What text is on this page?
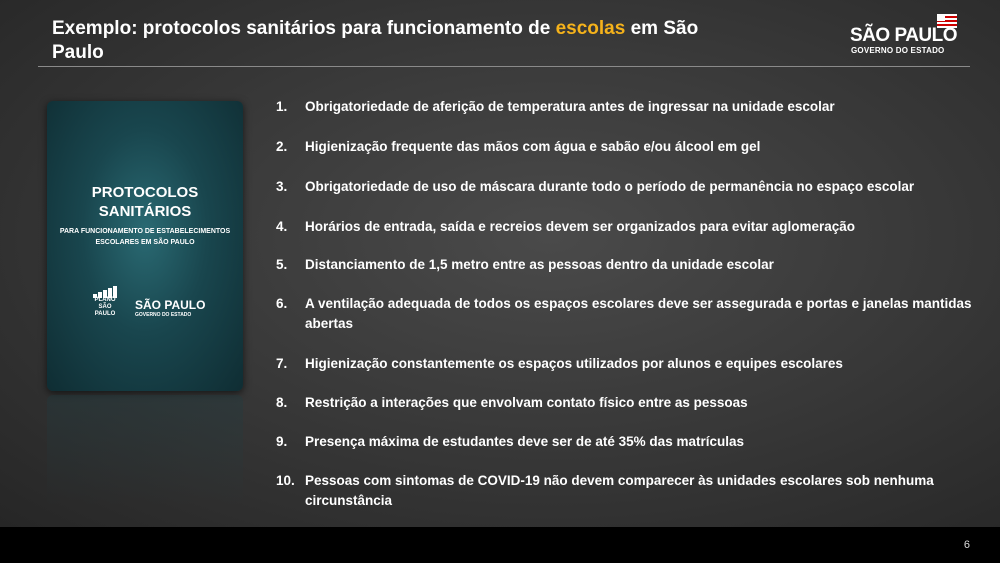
Exemplo: protocolos sanitários para funcionamento de escolas em São Paulo
SÃO PAULO
GOVERNO DO ESTADO
PROTOCOLOS SANITÁRIOS
PARA FUNCIONAMENTO DE ESTABELECIMENTOS ESCOLARES EM SÃO PAULO
PLANO SÃO PAULO
SÃO PAULO
GOVERNO DO ESTADO
1.	Obrigatoriedade de aferição de temperatura antes de ingressar na unidade escolar
2.	Higienização frequente das mãos com água e sabão e/ou álcool em gel
3.	Obrigatoriedade de uso de máscara durante todo o período de permanência no espaço escolar
4.	Horários de entrada, saída e recreios devem ser organizados para evitar aglomeração
5.	Distanciamento de 1,5 metro entre as pessoas dentro da unidade escolar
6.	A ventilação adequada de todos os espaços escolares deve ser assegurada e portas e janelas mantidas abertas
7.	Higienização constantemente os espaços utilizados por alunos e equipes escolares
8.	Restrição a interações que envolvam contato físico entre as pessoas
9.	Presença máxima de estudantes deve ser de até 35% das matrículas
10. Pessoas com sintomas de COVID-19 não devem comparecer às unidades escolares sob nenhuma circunstância
6
